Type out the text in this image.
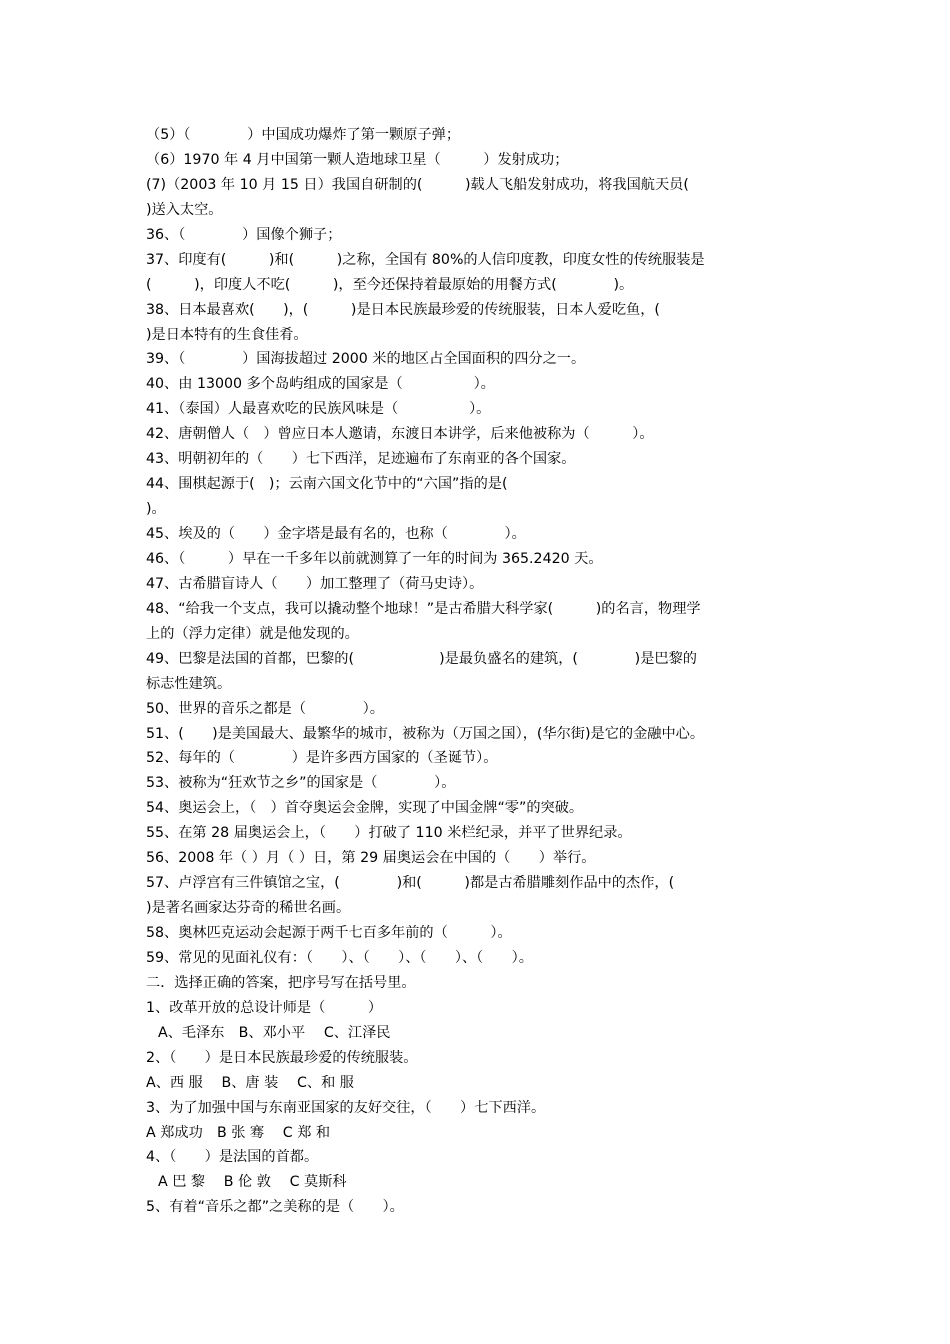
（5）（　　　　）中国成功爆炸了第一颗原子弹；
（6）1970 年 4 月中国第一颗人造地球卫星（　　　）发射成功；
(7)（2003 年 10 月 15 日）我国自研制的(　　　)载人飞船发射成功，将我国航天员(
)送入太空。
36、（　　　　）国像个狮子；
37、印度有(　　　)和(　　　)之称，全国有 80%的人信印度教，印度女性的传统服装是
(　　　)，印度人不吃(　　　)，至今还保持着最原始的用餐方式(　　　　)。
38、日本最喜欢(　　)，(　　　)是日本民族最珍爱的传统服装，日本人爱吃鱼，(
)是日本特有的生食佳肴。
39、（　　　　）国海拔超过 2000 米的地区占全国面积的四分之一。
40、由 13000 多个岛屿组成的国家是（　　　　　）。
41、（泰国）人最喜欢吃的民族风味是（　　　　　）。
42、唐朝僧人（　）曾应日本人邀请，东渡日本讲学，后来他被称为（　　　）。
43、明朝初年的（　　）七下西洋，足迹遍布了东南亚的各个国家。
44、围棋起源于(　)；云南六国文化节中的“六国”指的是(
)。
45、埃及的（　　）金字塔是最有名的，也称（　　　　）。
46、（　　　）早在一千多年以前就测算了一年的时间为 365.2420 天。
47、古希腊盲诗人（　　）加工整理了（荷马史诗）。
48、“给我一个支点，我可以撬动整个地球！”是古希腊大科学家(　　　)的名言，物理学
上的（浮力定律）就是他发现的。
49、巴黎是法国的首都，巴黎的(　　　　　　)是最负盛名的建筑，(　　　　)是巴黎的
标志性建筑。
50、世界的音乐之都是（　　　　）。
51、(　　)是美国最大、最繁华的城市，被称为（万国之国），(华尔街)是它的金融中心。
52、每年的（　　　　）是许多西方国家的（圣诞节）。
53、被称为“狂欢节之乡”的国家是（　　　　）。
54、奥运会上，（　）首夺奥运会金牌，实现了中国金牌“零”的突破。
55、在第 28 届奥运会上，（　　）打破了 110 米栏纪录，并平了世界纪录。
56、2008 年（ ）月（ ）日，第 29 届奥运会在中国的（　　）举行。
57、卢浮宫有三件镇馆之宝，(　　　　)和(　　　)都是古希腊雕刻作品中的杰作，(
)是著名画家达芬奇的稀世名画。
58、奥林匹克运动会起源于两千七百多年前的（　　　）。
59、常见的见面礼仪有：（　　）、（　　）、（　　）、（　　）。
二．选择正确的答案，把序号写在括号里。
1、改革开放的总设计师是（　　　）
A、毛泽东　B、邓小平　 C、江泽民
2、（　　）是日本民族最珍爱的传统服装。
A、西 服　 B、唐 装　 C、和 服
3、为了加强中国与东南亚国家的友好交往，（　　）七下西洋。
A 郑成功　B 张 骞　 C 郑 和
4、（　　）是法国的首都。
A 巴 黎　 B 伦 敦　 C 莫斯科
5、有着“音乐之都”之美称的是（　　）。
